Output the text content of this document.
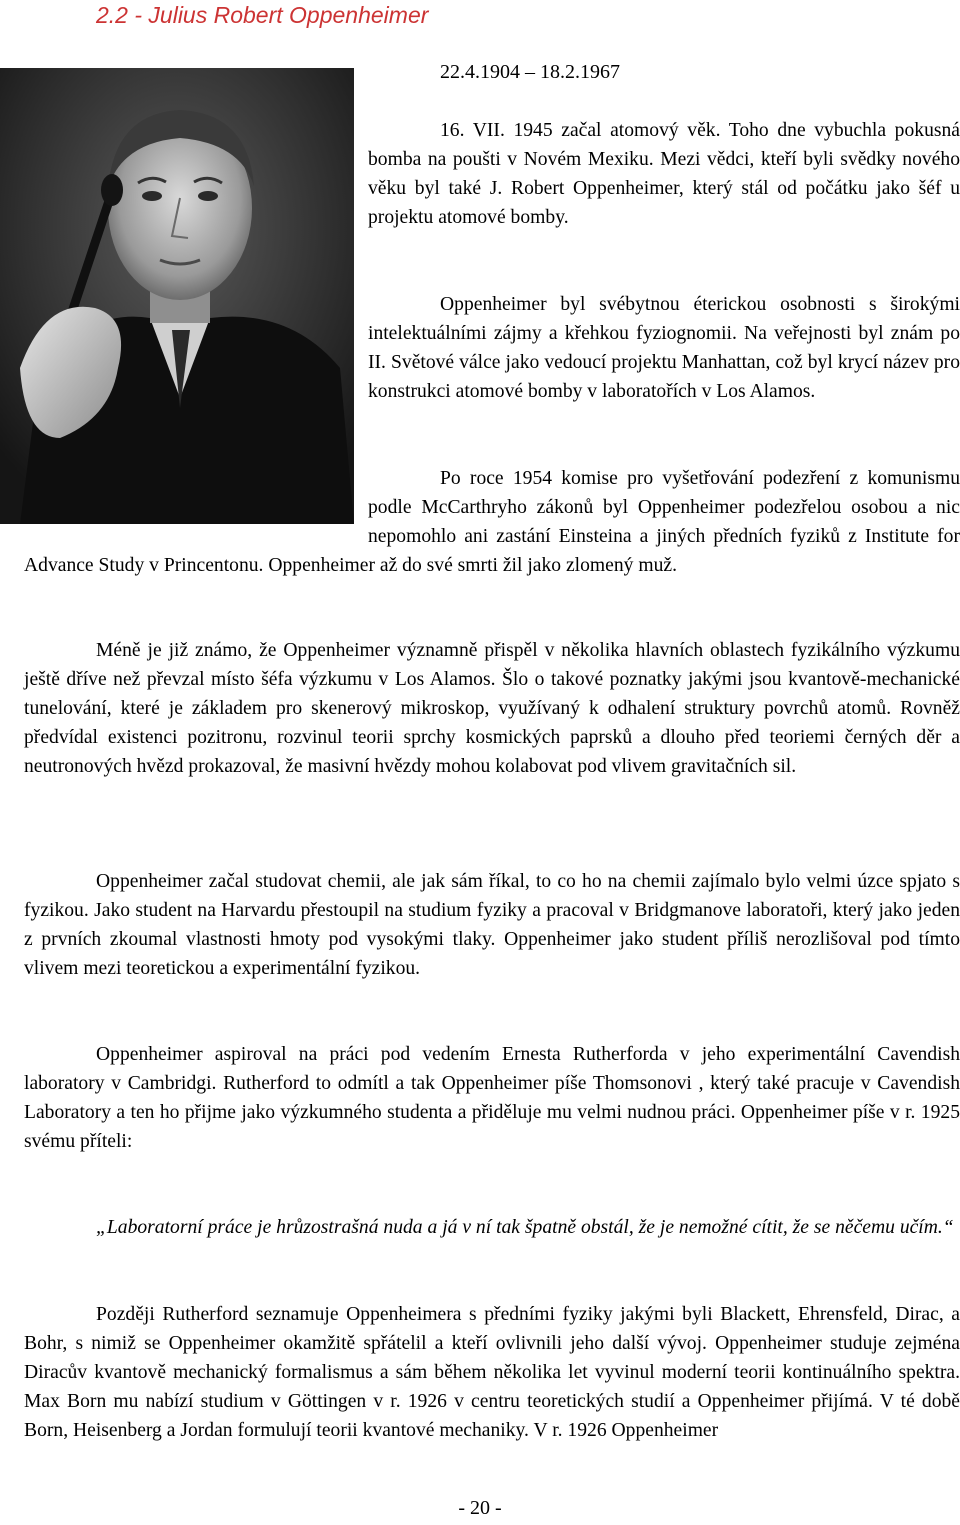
2.2 - Julius Robert Oppenheimer

22.4.1904 – 18.2.1967

16. VII. 1945 začal atomový věk. Toho dne vybuchla pokusná bomba na poušti v Novém Mexiku. Mezi vědci, kteří byli svědky nového věku byl také J. Robert Oppenheimer, který stál od počátku jako šéf u projektu atomové bomby.

Oppenheimer byl svébytnou éterickou osobnosti s širokými intelektuálními zájmy a křehkou fyziognomii. Na veřejnosti byl znám po II. Světové válce jako vedoucí projektu Manhattan, což byl krycí název pro konstrukci atomové bomby v laboratořích v Los Alamos.

Po roce 1954 komise pro vyšetřování podezření z komunismu podle McCarthryho zákonů byl Oppenheimer podezřelou osobou a nic nepomohlo ani zastání Einsteina a jiných předních fyziků z Institute for Advance Study v Princentonu. Oppenheimer až do své smrti žil jako zlomený muž.

Méně je již známo, že Oppenheimer významně přispěl v několika hlavních oblastech fyzikálního výzkumu ještě dříve než převzal místo šéfa výzkumu v Los Alamos. Šlo o takové poznatky jakými jsou kvantově-mechanické tunelování, které je základem pro skenerový mikroskop, využívaný k odhalení struktury povrchů atomů. Rovněž předvídal existenci pozitronu, rozvinul teorii sprchy kosmických paprsků a dlouho před teoriemi černých děr a neutronových hvězd prokazoval, že masivní hvězdy mohou kolabovat pod vlivem gravitačních sil.

Oppenheimer začal studovat chemii, ale jak sám říkal, to co ho na chemii zajímalo bylo velmi úzce spjato s fyzikou. Jako student na Harvardu přestoupil na studium fyziky a pracoval v Bridgmanove laboratoři, který jako jeden z prvních zkoumal vlastnosti hmoty pod vysokými tlaky. Oppenheimer jako student příliš nerozlišoval pod tímto vlivem mezi teoretickou a experimentální fyzikou.

Oppenheimer aspiroval na práci pod vedením Ernesta Rutherforda v jeho experimentální Cavendish laboratory v Cambridgi. Rutherford to odmítl a tak Oppenheimer píše Thomsonovi , který také pracuje v Cavendish Laboratory a ten ho přijme jako výzkumného studenta a přiděluje mu velmi nudnou práci. Oppenheimer píše v r. 1925 svému příteli:

„Laboratorní práce je hrůzostrašná nuda a já v ní tak špatně obstál, že je nemožné cítit, že se něčemu učím.“

Později Rutherford seznamuje Oppenheimera s předními fyziky jakými byli Blackett, Ehrensfeld, Dirac, a Bohr, s nimiž se Oppenheimer okamžitě spřátelil a kteří ovlivnili jeho další vývoj. Oppenheimer studuje zejména Diracův kvantově mechanický formalismus a sám během několika let vyvinul moderní teorii kontinuálního spektra. Max Born mu nabízí studium v Göttingen v r. 1926 v centru teoretických studií a Oppenheimer přijímá. V té době Born, Heisenberg a Jordan formulují teorii kvantové mechaniky. V r. 1926 Oppenheimer

- 20 -
